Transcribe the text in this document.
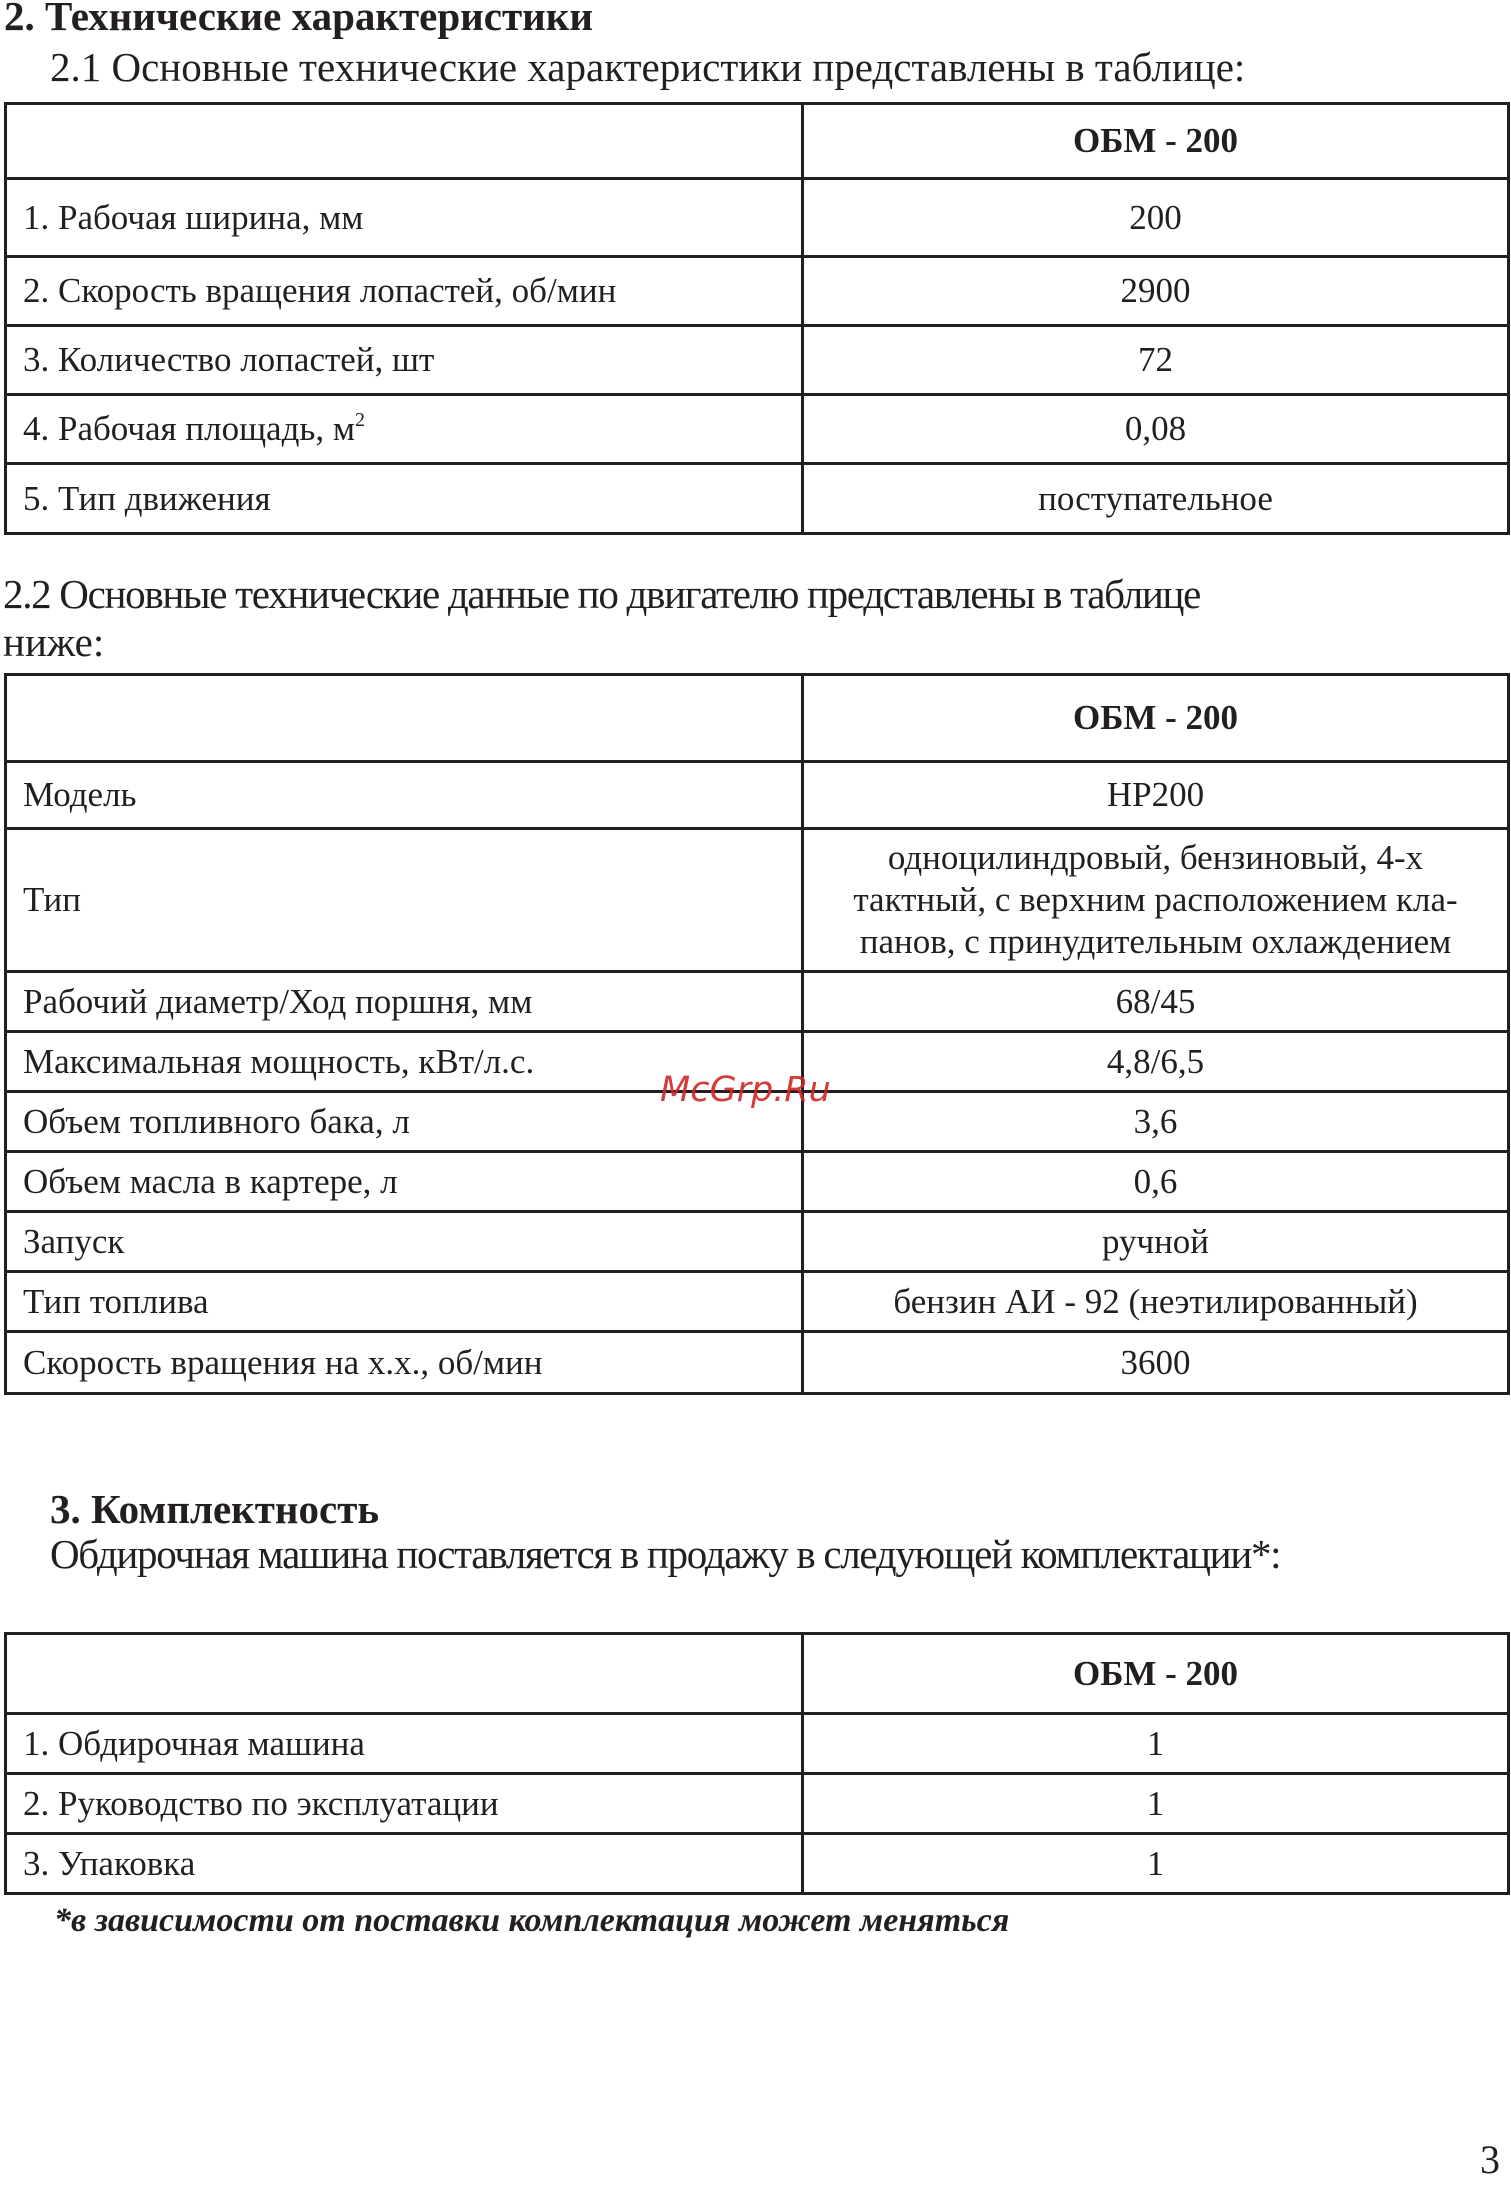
2. Технические характеристики
2.1 Основные технические характеристики представлены в таблице:
	ОБМ - 200
1. Рабочая ширина, мм	200
2. Скорость вращения лопастей, об/мин	2900
3. Количество лопастей, шт	72
4. Рабочая площадь, $м^2$	0,08
5. Тип движения	поступательное
2.2 Основные технические данные по двигателю представлены в таблице
ниже:
	ОБМ - 200
Модель	HP200
Тип	одноцилиндровый, бензиновый, 4-х
тактный, с верхним расположением кла-
панов, с принудительным охлаждением

Рабочий диаметр/Ход поршня, мм	68/45
Максимальная мощность, кВт/л.с.	4,8/6,5
Объем топливного бака, л	3,6
Объем масла в картере, л	0,6
Запуск	ручной
Тип топлива	бензин АИ - 92 (неэтилированный)
Скорость вращения на х.х., об/мин	3600
McGrp.Ru
3. Комплектность
Обдирочная машина поставляется в продажу в следующей комплектации*:
	ОБМ - 200
1. Обдирочная машина	1
2. Руководство по эксплуатации	1
3. Упаковка	1
*в зависимости от поставки комплектация может меняться
3
